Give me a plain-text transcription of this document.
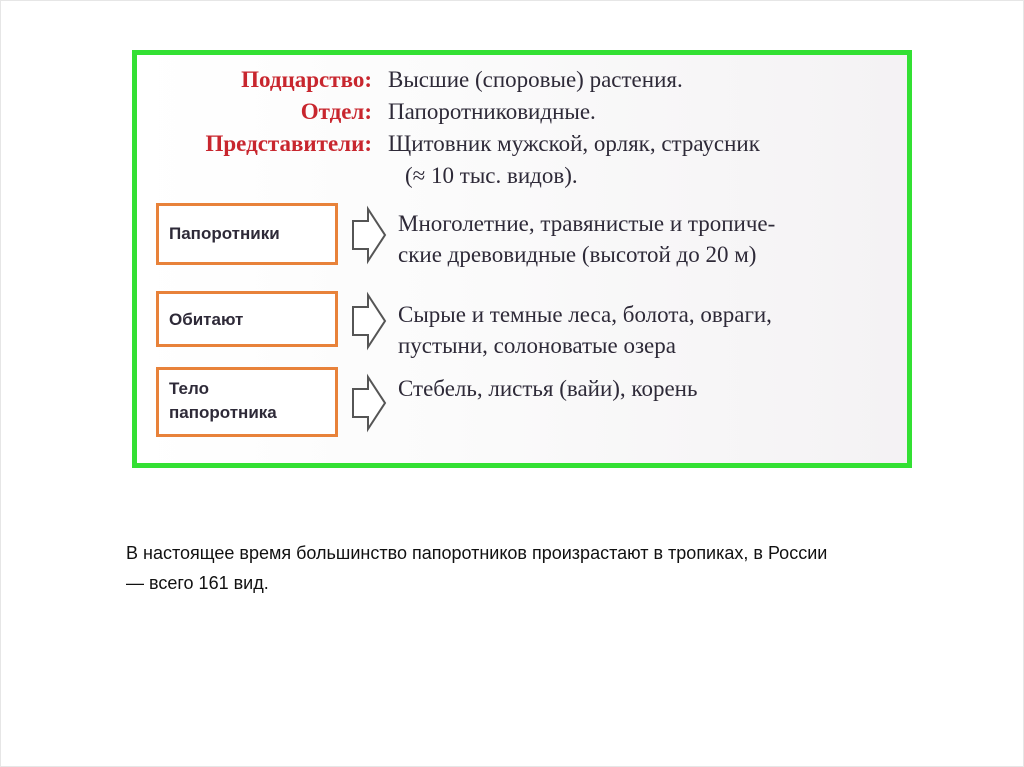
Подцарство: Высшие (споровые) растения.
Отдел: Папоротниковидные.
Представители: Щитовник мужской, орляк, страусник
(≈ 10 тыс. видов).
Папоротники	Многолетние, травянистые и тропиче-
ские древовидные (высотой до 20 м)
Обитают	Сырые и темные леса, болота, овраги,
пустыни, солоноватые озера
Тело
папоротника
Стебель, листья (вайи), корень
В настоящее время большинство папоротников произрастают в тропиках, в России — всего 161 вид.
